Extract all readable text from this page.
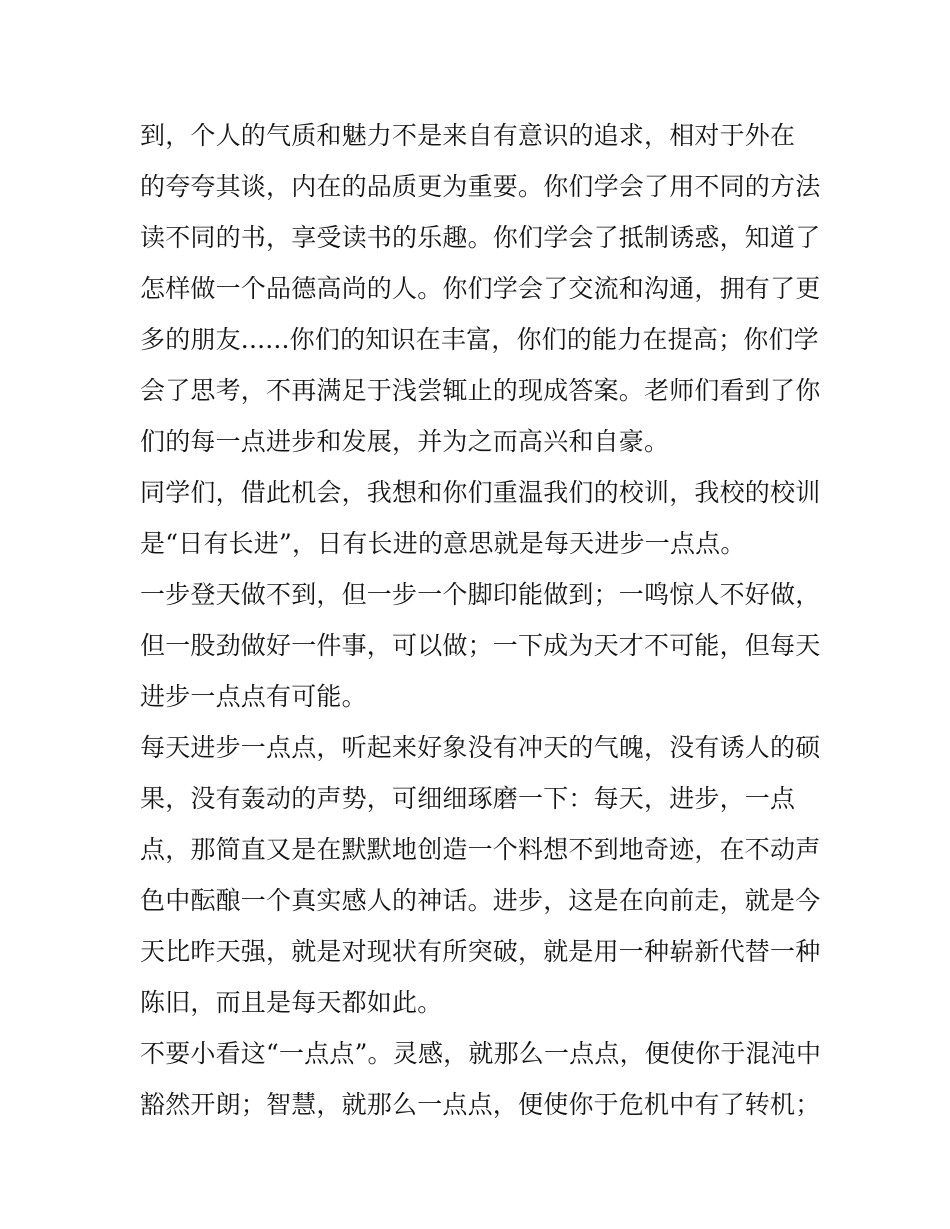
到，个人的气质和魅力不是来自有意识的追求，相对于外在
的夸夸其谈，内在的品质更为重要。你们学会了用不同的方法
读不同的书，享受读书的乐趣。你们学会了抵制诱惑，知道了
怎样做一个品德高尚的人。你们学会了交流和沟通，拥有了更
多的朋友......你们的知识在丰富，你们的能力在提高；你们学
会了思考，不再满足于浅尝辄止的现成答案。老师们看到了你
们的每一点进步和发展，并为之而高兴和自豪。
同学们，借此机会，我想和你们重温我们的校训，我校的校训
是“日有长进”，日有长进的意思就是每天进步一点点。
一步登天做不到，但一步一个脚印能做到；一鸣惊人不好做，
但一股劲做好一件事，可以做；一下成为天才不可能，但每天
进步一点点有可能。
每天进步一点点，听起来好象没有冲天的气魄，没有诱人的硕
果，没有轰动的声势，可细细琢磨一下：每天，进步，一点
点，那简直又是在默默地创造一个料想不到地奇迹，在不动声
色中酝酿一个真实感人的神话。进步，这是在向前走，就是今
天比昨天强，就是对现状有所突破，就是用一种崭新代替一种
陈旧，而且是每天都如此。
不要小看这“一点点”。灵感，就那么一点点，便使你于混沌中
豁然开朗；智慧，就那么一点点，便使你于危机中有了转机；
